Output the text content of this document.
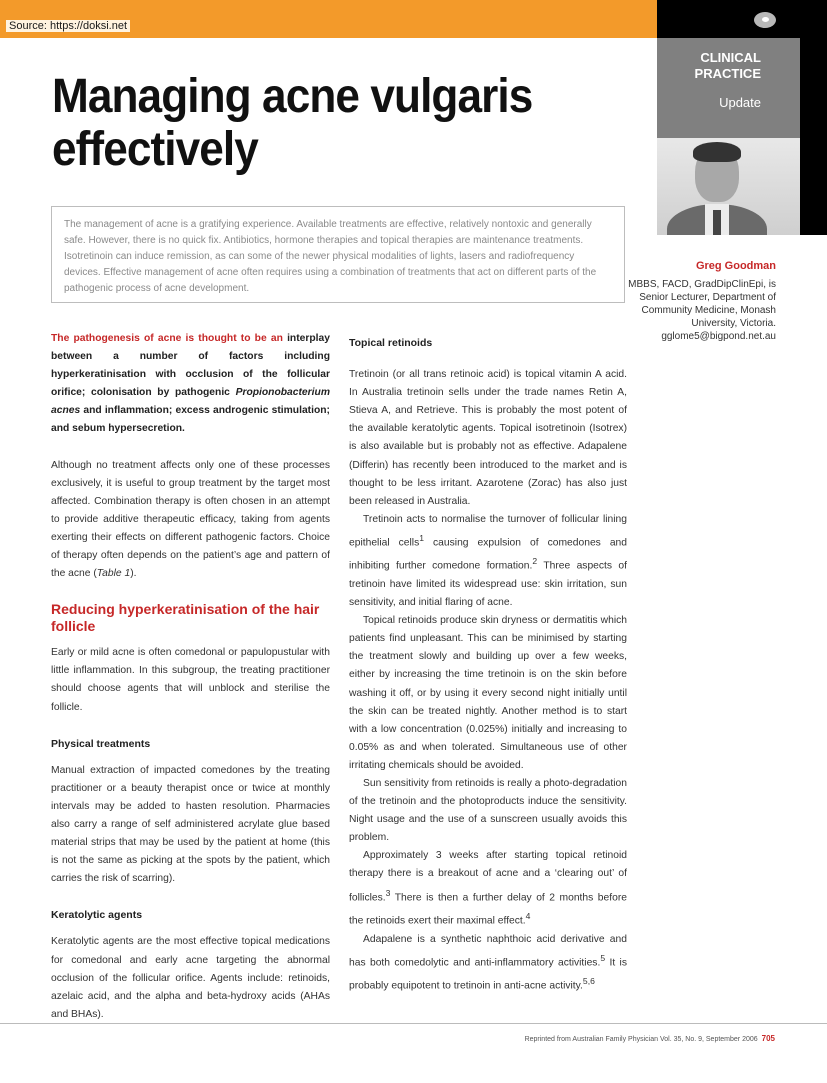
Source: https://doksi.net
CLINICAL PRACTICE
Update
Managing acne vulgaris effectively
The management of acne is a gratifying experience. Available treatments are effective, relatively nontoxic and generally safe. However, there is no quick fix. Antibiotics, hormone therapies and topical therapies are maintenance treatments. Isotretinoin can induce remission, as can some of the newer physical modalities of lights, lasers and radiofrequency devices. Effective management of acne often requires using a combination of treatments that act on different parts of the pathogenic process of acne development.
Greg Goodman
MBBS, FACD, GradDipClinEpi, is Senior Lecturer, Department of Community Medicine, Monash University, Victoria.
gglome5@bigpond.net.au

The pathogenesis of acne is thought to be an interplay between a number of factors including hyperkeratinisation with occlusion of the follicular orifice; colonisation by pathogenic Propionobacterium acnes and inflammation; excess androgenic stimulation; and sebum hypersecretion.

Although no treatment affects only one of these processes exclusively, it is useful to group treatment by the target most affected. Combination therapy is often chosen in an attempt to provide additive therapeutic efficacy, taking from agents exerting their effects on different pathogenic factors. Choice of therapy often depends on the patient’s age and pattern of the acne (Table 1).

Reducing hyperkeratinisation of the hair follicle

Early or mild acne is often comedonal or papulopustular with little inflammation. In this subgroup, the treating practitioner should choose agents that will unblock and sterilise the follicle.

Physical treatments

Manual extraction of impacted comedones by the treating practitioner or a beauty therapist once or twice at monthly intervals may be added to hasten resolution. Pharmacies also carry a range of self administered acrylate glue based material strips that may be used by the patient at home (this is not the same as picking at the spots by the patient, which carries the risk of scarring).

Keratolytic agents

Keratolytic agents are the most effective topical medications for comedonal and early acne targeting the abnormal occlusion of the follicular orifice. Agents include: retinoids, azelaic acid, and the alpha and beta-hydroxy acids (AHAs and BHAs).

Topical retinoids

Tretinoin (or all trans retinoic acid) is topical vitamin A acid. In Australia tretinoin sells under the trade names Retin A, Stieva A, and Retrieve. This is probably the most potent of the available keratolytic agents. Topical isotretinoin (Isotrex) is also available but is probably not as effective. Adapalene (Differin) has recently been introduced to the market and is thought to be less irritant. Azarotene (Zorac) has also just been released in Australia.

Tretinoin acts to normalise the turnover of follicular lining epithelial cells$^1$ causing expulsion of comedones and inhibiting further comedone formation.$^2$ Three aspects of tretinoin have limited its widespread use: skin irritation, sun sensitivity, and initial flaring of acne.

Topical retinoids produce skin dryness or dermatitis which patients find unpleasant. This can be minimised by starting the treatment slowly and building up over a few weeks, either by increasing the time tretinoin is on the skin before washing it off, or by using it every second night initially until the skin can be treated nightly. Another method is to start with a low concentration (0.025%) initially and increasing to 0.05% as and when tolerated. Simultaneous use of other irritating chemicals should be avoided.

Sun sensitivity from retinoids is really a photo-degradation of the tretinoin and the photoproducts induce the sensitivity. Night usage and the use of a sunscreen usually avoids this problem.

Approximately 3 weeks after starting topical retinoid therapy there is a breakout of acne and a ‘clearing out’ of follicles.$^3$ There is then a further delay of 2 months before the retinoids exert their maximal effect.$^4$

Adapalene is a synthetic naphthoic acid derivative and has both comedolytic and anti-inflammatory activities.$^5$ It is probably equipotent to tretinoin in anti-acne activity.$^{5,6}$

Reprinted from Australian Family Physician Vol. 35, No. 9, September 2006 705
